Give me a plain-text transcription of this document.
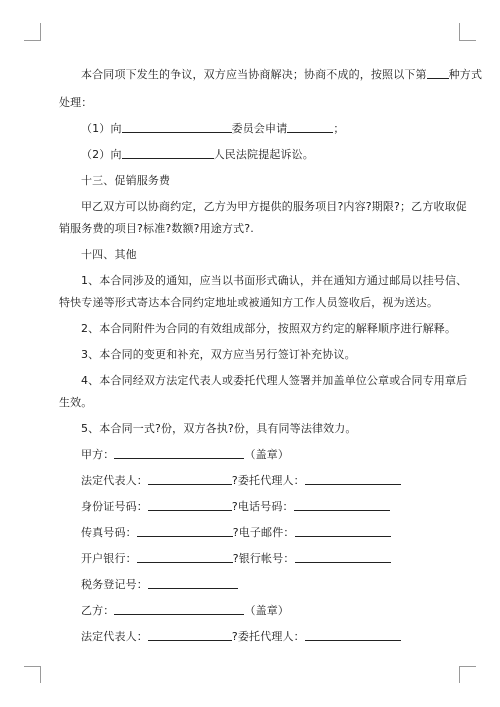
本合同项下发生的争议，双方应当协商解决；协商不成的，按照以下第 种方式
处理：
（1）向	委员会申请	；
（2）向	人民法院提起诉讼。
十三、促销服务费
甲乙双方可以协商约定，乙方为甲方提供的服务项目?内容?期限?；乙方收取促
销服务费的项目?标准?数额?用途方式?.
十四、其他
1、本合同涉及的通知，应当以书面形式确认，并在通知方通过邮局以挂号信、
特快专递等形式寄达本合同约定地址或被通知方工作人员签收后，视为送达。
2、本合同附件为合同的有效组成部分，按照双方约定的解释顺序进行解释。
3、本合同的变更和补充，双方应当另行签订补充协议。
4、本合同经双方法定代表人或委托代理人签署并加盖单位公章或合同专用章后
生效。
5、本合同一式?份，双方各执?份，具有同等法律效力。
甲方：	（盖章）
法定代表人：	?委托代理人：
身份证号码：	?电话号码：
传真号码：	?电子邮件：
开户银行：	?银行帐号：
税务登记号：
乙方：	（盖章）
法定代表人：	?委托代理人：
